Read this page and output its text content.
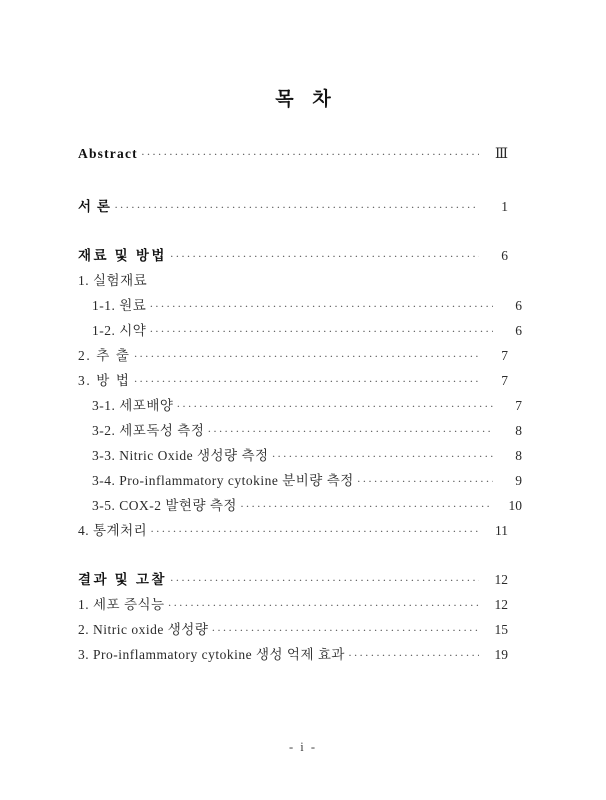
목 차
Abstract ·····	Ⅲ
서 론 ·····	1
재료 및 방법 ·····	6
1. 실험재료
1-1. 원료 ·····	6
1-2. 시약 ·····	6
2. 추 출 ·····	7
3. 방 법 ·····	7
3-1. 세포배양 ·····	7
3-2. 세포독성 측정 ·····	8
3-3. Nitric Oxide 생성량 측정 ·····	8
3-4. Pro-inflammatory cytokine 분비량 측정 ·····	9
3-5. COX-2 발현량 측정 ·····	10
4. 통계처리 ·····	11
결과 및 고찰 ·····	12
1. 세포 증식능 ·····	12
2. Nitric oxide 생성량 ·····	15
3. Pro-inflammatory cytokine 생성 억제 효과 ·····	19
- i -
